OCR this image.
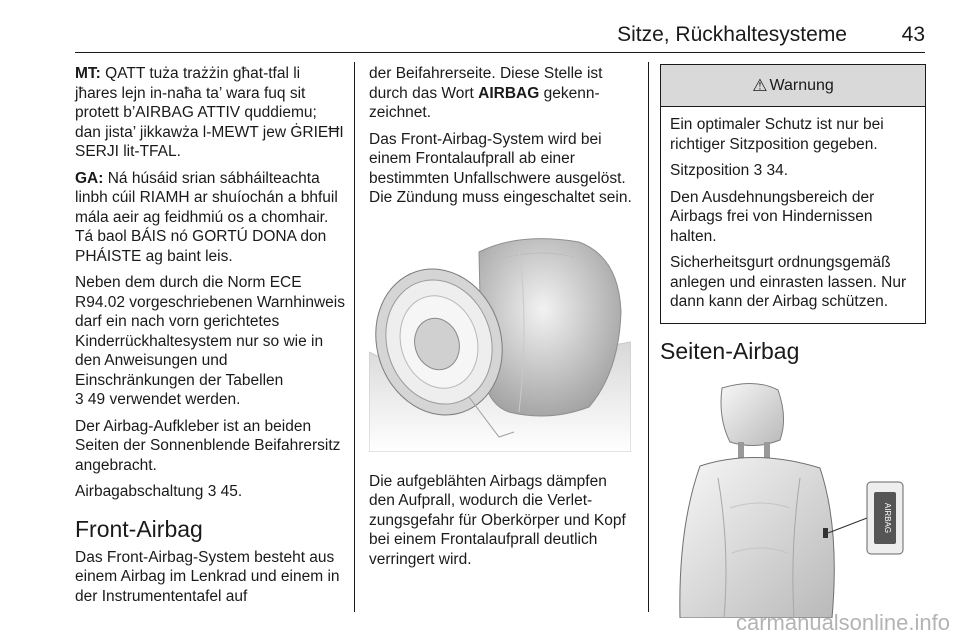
Sitze, Rückhaltesysteme	43

MT: QATT tuża trażżin għat-tfal li jħares lejn in-naħa ta’ wara fuq sit protett b’AIRBAG ATTIV quddiemu; dan jista’ jikkawża l-MEWT jew ĠRIEĦI SERJI lit-TFAL.

GA: Ná húsáid srian sábháilteachta linbh cúil RIAMH ar shuíochán a bhfuil mála aeir ag feidhmiú os a chomhair. Tá baol BÁIS nó GORTÚ DONA don PHÁISTE ag baint leis.

Neben dem durch die Norm ECE R94.02 vorgeschriebenen Warnhinweis darf ein nach vorn gerichtetes Kinderrückhaltesystem nur so wie in den Anweisungen und Einschränkungen der Tabellen
3 49 verwendet werden.

Der Airbag-Aufkleber ist an beiden Seiten der Sonnenblende Beifahrersitz angebracht.

Airbagabschaltung 3 45.

Front-Airbag

Das Front-Airbag-System besteht aus einem Airbag im Lenkrad und einem in der Instrumententafel auf

der Beifahrerseite. Diese Stelle ist durch das Wort AIRBAG gekennzeichnet.

Das Front-Airbag-System wird bei einem Frontalaufprall ab einer bestimmten Unfallschwere ausgelöst. Die Zündung muss eingeschaltet sein.

Die aufgeblähten Airbags dämpfen den Aufprall, wodurch die Verletzungsgefahr für Oberkörper und Kopf bei einem Frontalaufprall deutlich verringert wird.

⚠ Warnung

Ein optimaler Schutz ist nur bei richtiger Sitzposition gegeben.

Sitzposition 3 34.

Den Ausdehnungsbereich der Airbags frei von Hindernissen halten.

Sicherheitsgurt ordnungsgemäß anlegen und einrasten lassen. Nur dann kann der Airbag schützen.

Seiten-Airbag
AIRBAG
carmanualsonline.info
